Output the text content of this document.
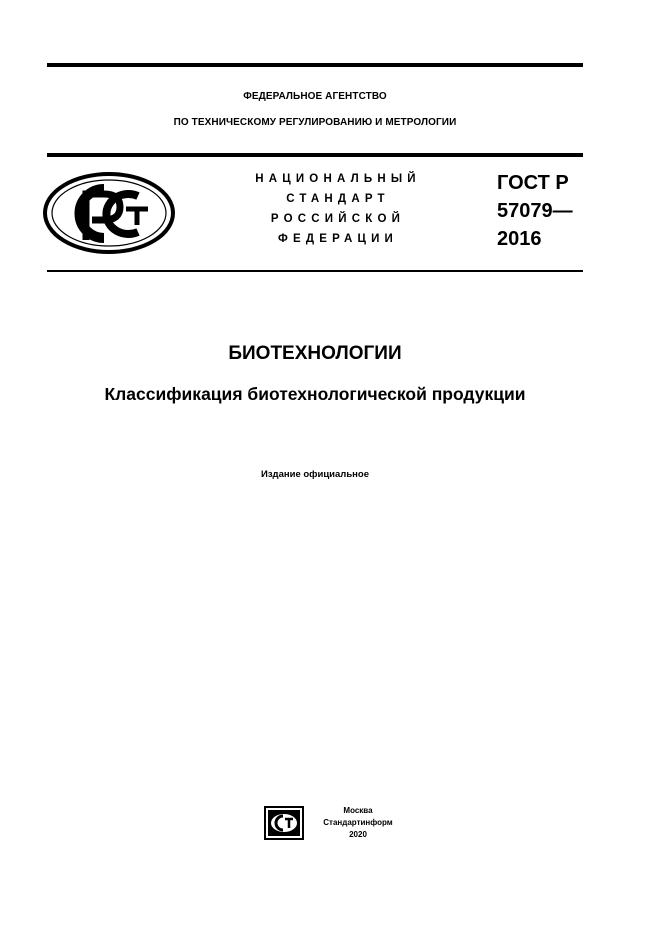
ФЕДЕРАЛЬНОЕ АГЕНТСТВО
ПО ТЕХНИЧЕСКОМУ РЕГУЛИРОВАНИЮ И МЕТРОЛОГИИ
НАЦИОНАЛЬНЫЙ
СТАНДАРТ
РОССИЙСКОЙ
ФЕДЕРАЦИИ
ГОСТ Р
57079—
2016
БИОТЕХНОЛОГИИ
Классификация биотехнологической продукции
Издание официальное
Москва
Стандартинформ
2020
